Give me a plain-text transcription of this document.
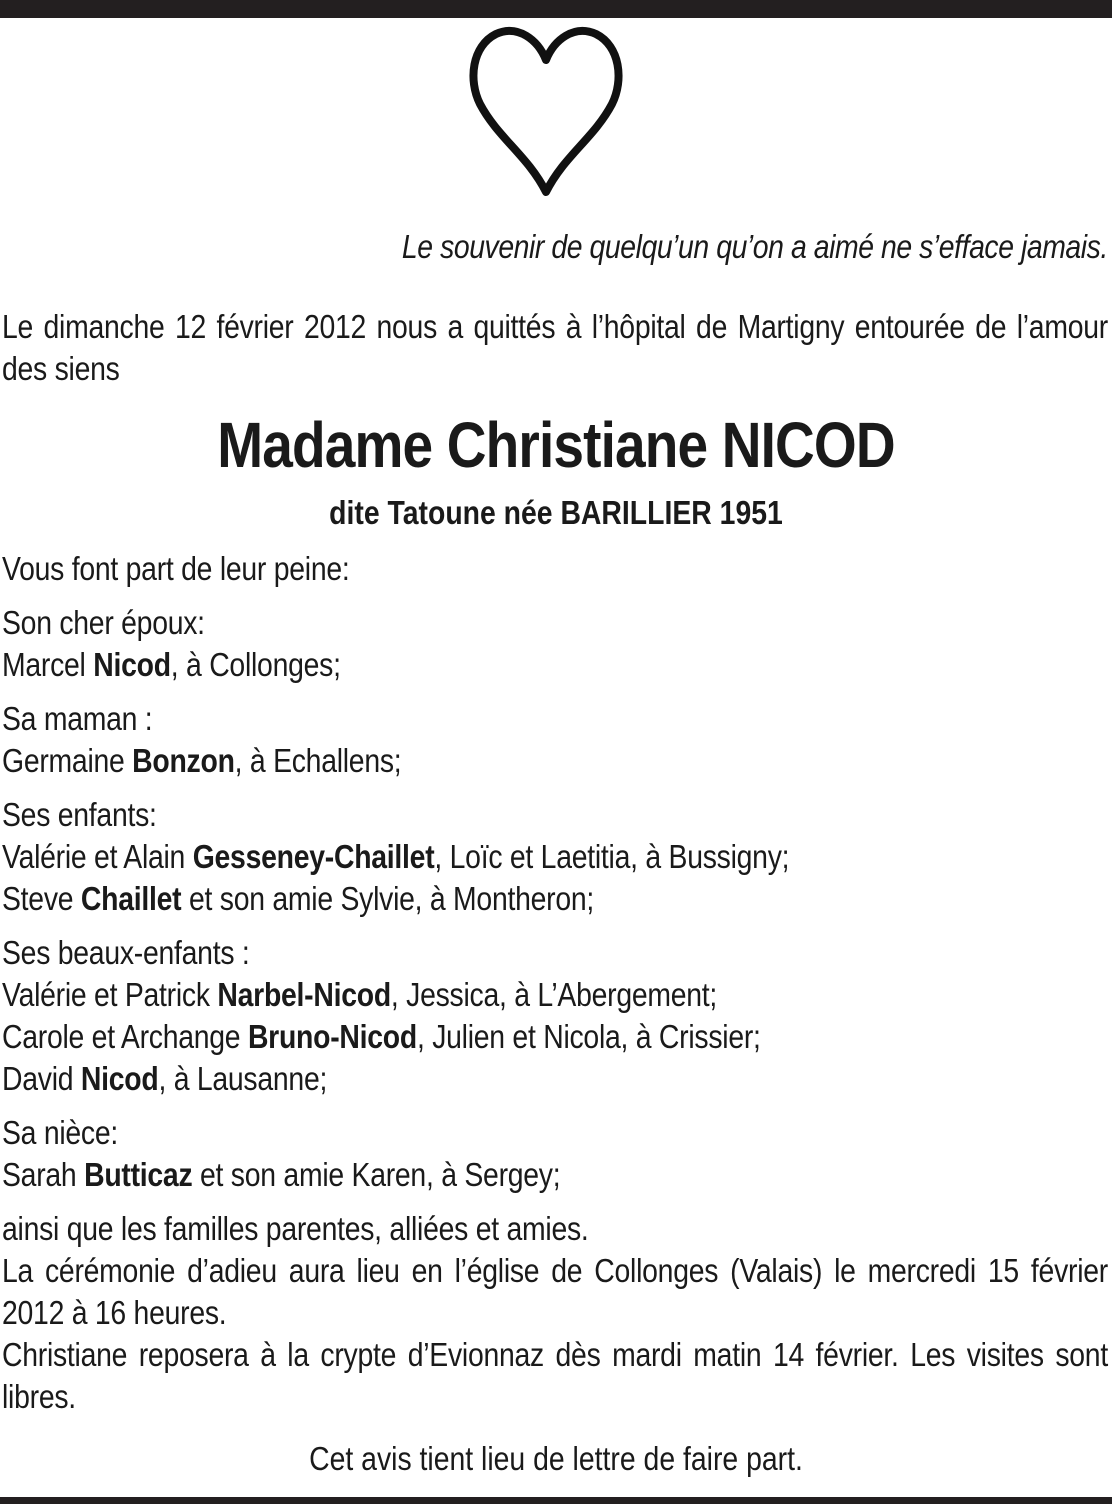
Le souvenir de quelqu’un qu’on a aimé ne s’efface jamais.

Le dimanche 12 février 2012 nous a quittés à l’hôpital de Martigny entourée de l’amour des siens

Madame Christiane NICOD
dite Tatoune née BARILLIER 1951

Vous font part de leur peine:

Son cher époux:
Marcel Nicod, à Collonges;
Sa maman :
Germaine Bonzon, à Echallens;
Ses enfants:
Valérie et Alain Gesseney-Chaillet, Loïc et Laetitia, à Bussigny;
Steve Chaillet et son amie Sylvie, à Montheron;
Ses beaux-enfants :
Valérie et Patrick Narbel-Nicod, Jessica, à L’Abergement;
Carole et Archange Bruno-Nicod, Julien et Nicola, à Crissier;
David Nicod, à Lausanne;
Sa nièce:
Sarah Butticaz et son amie Karen, à Sergey;

ainsi que les familles parentes, alliées et amies.

La cérémonie d’adieu aura lieu en l’église de Collonges (Valais) le mercredi 15 février 2012 à 16 heures.

Christiane reposera à la crypte d’Evionnaz dès mardi matin 14 février. Les visites sont libres.

Cet avis tient lieu de lettre de faire part.
